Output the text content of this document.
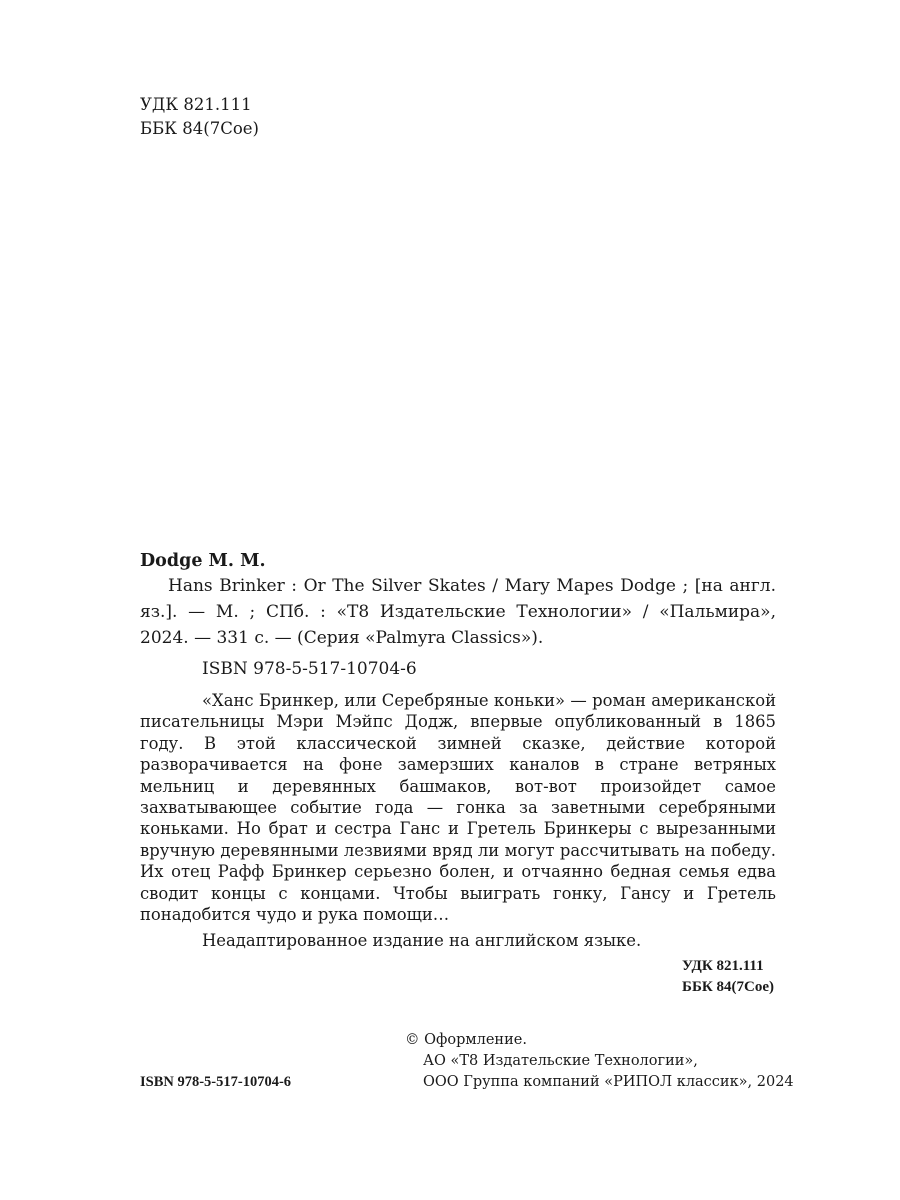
УДК 821.111
ББК 84(7Сое)
Dodge M. M.
Hans Brinker : Or The Silver Skates / Mary Mapes Dodge ; [на англ. яз.]. — М. ; СПб. : «Т8 Издательские Технологии» / «Пальмира», 2024. — 331 с. — (Серия «Palmyra Classics»).
ISBN 978-5-517-10704-6
«Ханс Бринкер, или Серебряные коньки» — роман американской писательницы Мэри Мэйпс Додж, впервые опубликованный в 1865 году. В этой классической зимней сказке, действие которой разворачивается на фоне замерзших каналов в стране ветряных мельниц и деревянных башмаков, вот-вот произойдет самое захватывающее событие года — гонка за заветными серебряными коньками. Но брат и сестра Ганс и Гретель Бринкеры с вырезанными вручную деревянными лезвиями вряд ли могут рассчитывать на победу. Их отец Рафф Бринкер серьезно болен, и отчаянно бедная семья едва сводит концы с концами. Чтобы выиграть гонку, Гансу и Гретель понадобится чудо и рука помощи…
Неадаптированное издание на английском языке.
УДК 821.111
ББК 84(7Сое)
ISBN 978-5-517-10704-6
© Оформление.
АО «Т8 Издательские Технологии»,
ООО Группа компаний «РИПОЛ классик», 2024
